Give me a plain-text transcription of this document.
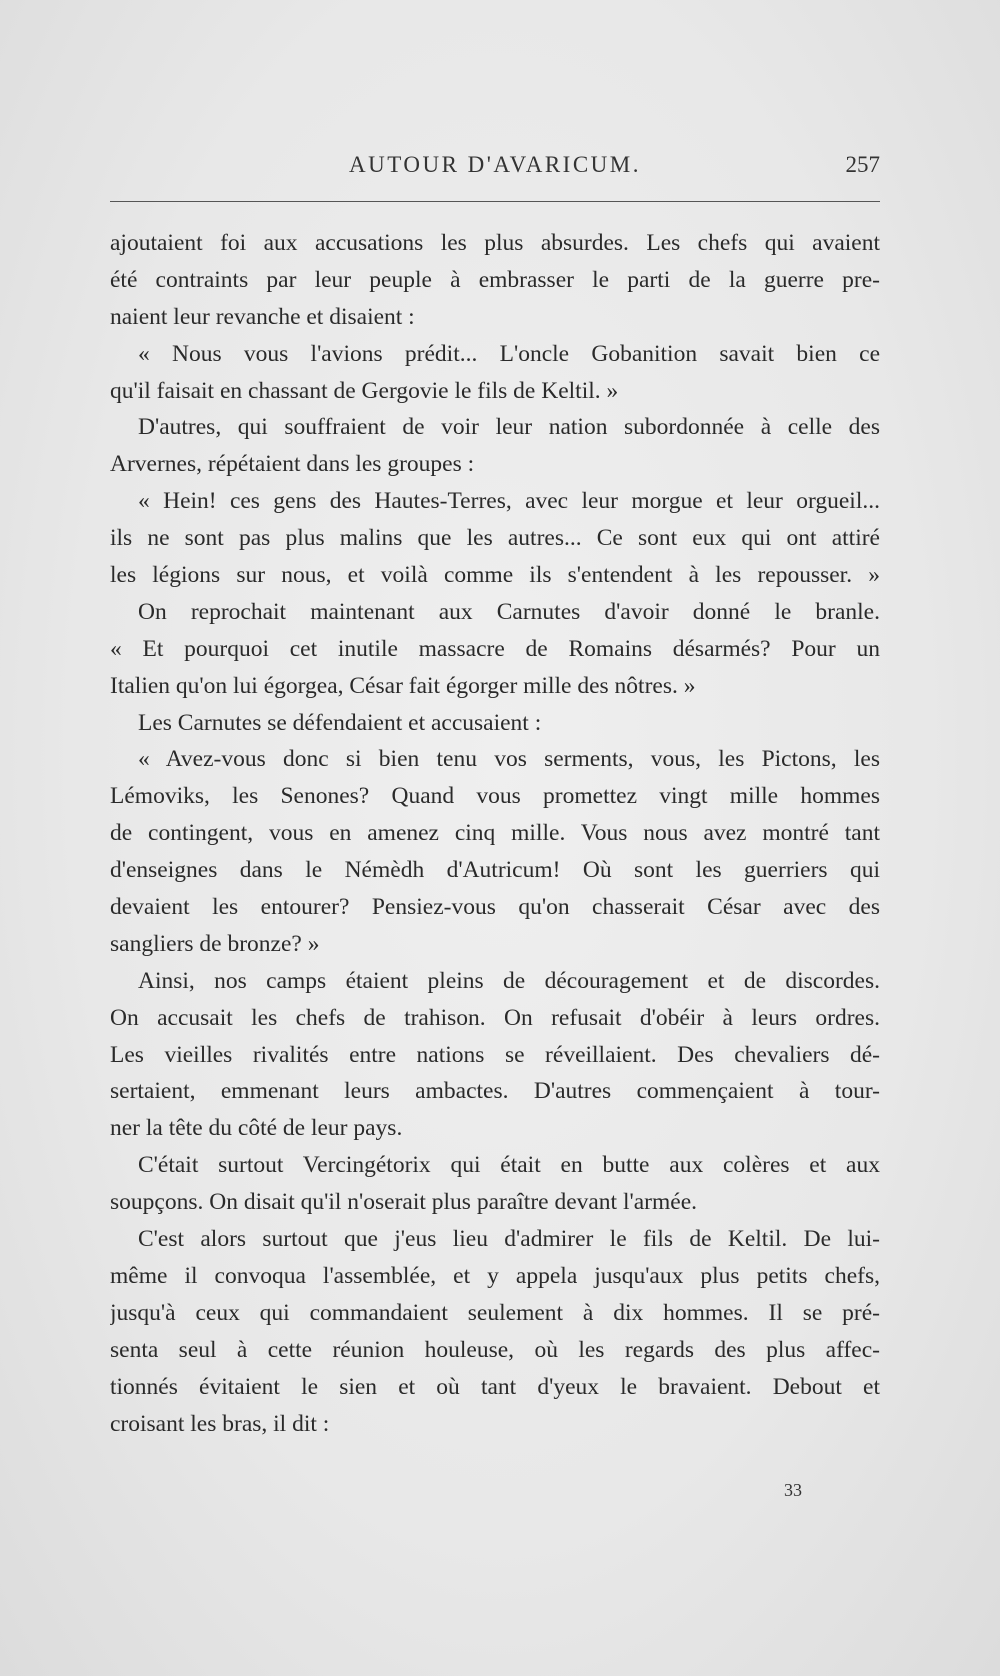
AUTOUR D'AVARICUM.	257
ajoutaient foi aux accusations les plus absurdes. Les chefs qui avaient
été contraints par leur peuple à embrasser le parti de la guerre pre-
naient leur revanche et disaient :
« Nous vous l'avions prédit... L'oncle Gobanition savait bien ce
qu'il faisait en chassant de Gergovie le fils de Keltil. »
D'autres, qui souffraient de voir leur nation subordonnée à celle des
Arvernes, répétaient dans les groupes :
« Hein! ces gens des Hautes-Terres, avec leur morgue et leur orgueil...
ils ne sont pas plus malins que les autres... Ce sont eux qui ont attiré
les légions sur nous, et voilà comme ils s'entendent à les repousser. »
On reprochait maintenant aux Carnutes d'avoir donné le branle.
« Et pourquoi cet inutile massacre de Romains désarmés? Pour un
Italien qu'on lui égorgea, César fait égorger mille des nôtres. »
Les Carnutes se défendaient et accusaient :
« Avez-vous donc si bien tenu vos serments, vous, les Pictons, les
Lémoviks, les Senones? Quand vous promettez vingt mille hommes
de contingent, vous en amenez cinq mille. Vous nous avez montré tant
d'enseignes dans le Némèdh d'Autricum! Où sont les guerriers qui
devaient les entourer? Pensiez-vous qu'on chasserait César avec des
sangliers de bronze? »
Ainsi, nos camps étaient pleins de découragement et de discordes.
On accusait les chefs de trahison. On refusait d'obéir à leurs ordres.
Les vieilles rivalités entre nations se réveillaient. Des chevaliers dé-
sertaient, emmenant leurs ambactes. D'autres commençaient à tour-
ner la tête du côté de leur pays.
C'était surtout Vercingétorix qui était en butte aux colères et aux
soupçons. On disait qu'il n'oserait plus paraître devant l'armée.
C'est alors surtout que j'eus lieu d'admirer le fils de Keltil. De lui-
même il convoqua l'assemblée, et y appela jusqu'aux plus petits chefs,
jusqu'à ceux qui commandaient seulement à dix hommes. Il se pré-
senta seul à cette réunion houleuse, où les regards des plus affec-
tionnés évitaient le sien et où tant d'yeux le bravaient. Debout et
croisant les bras, il dit :
33
